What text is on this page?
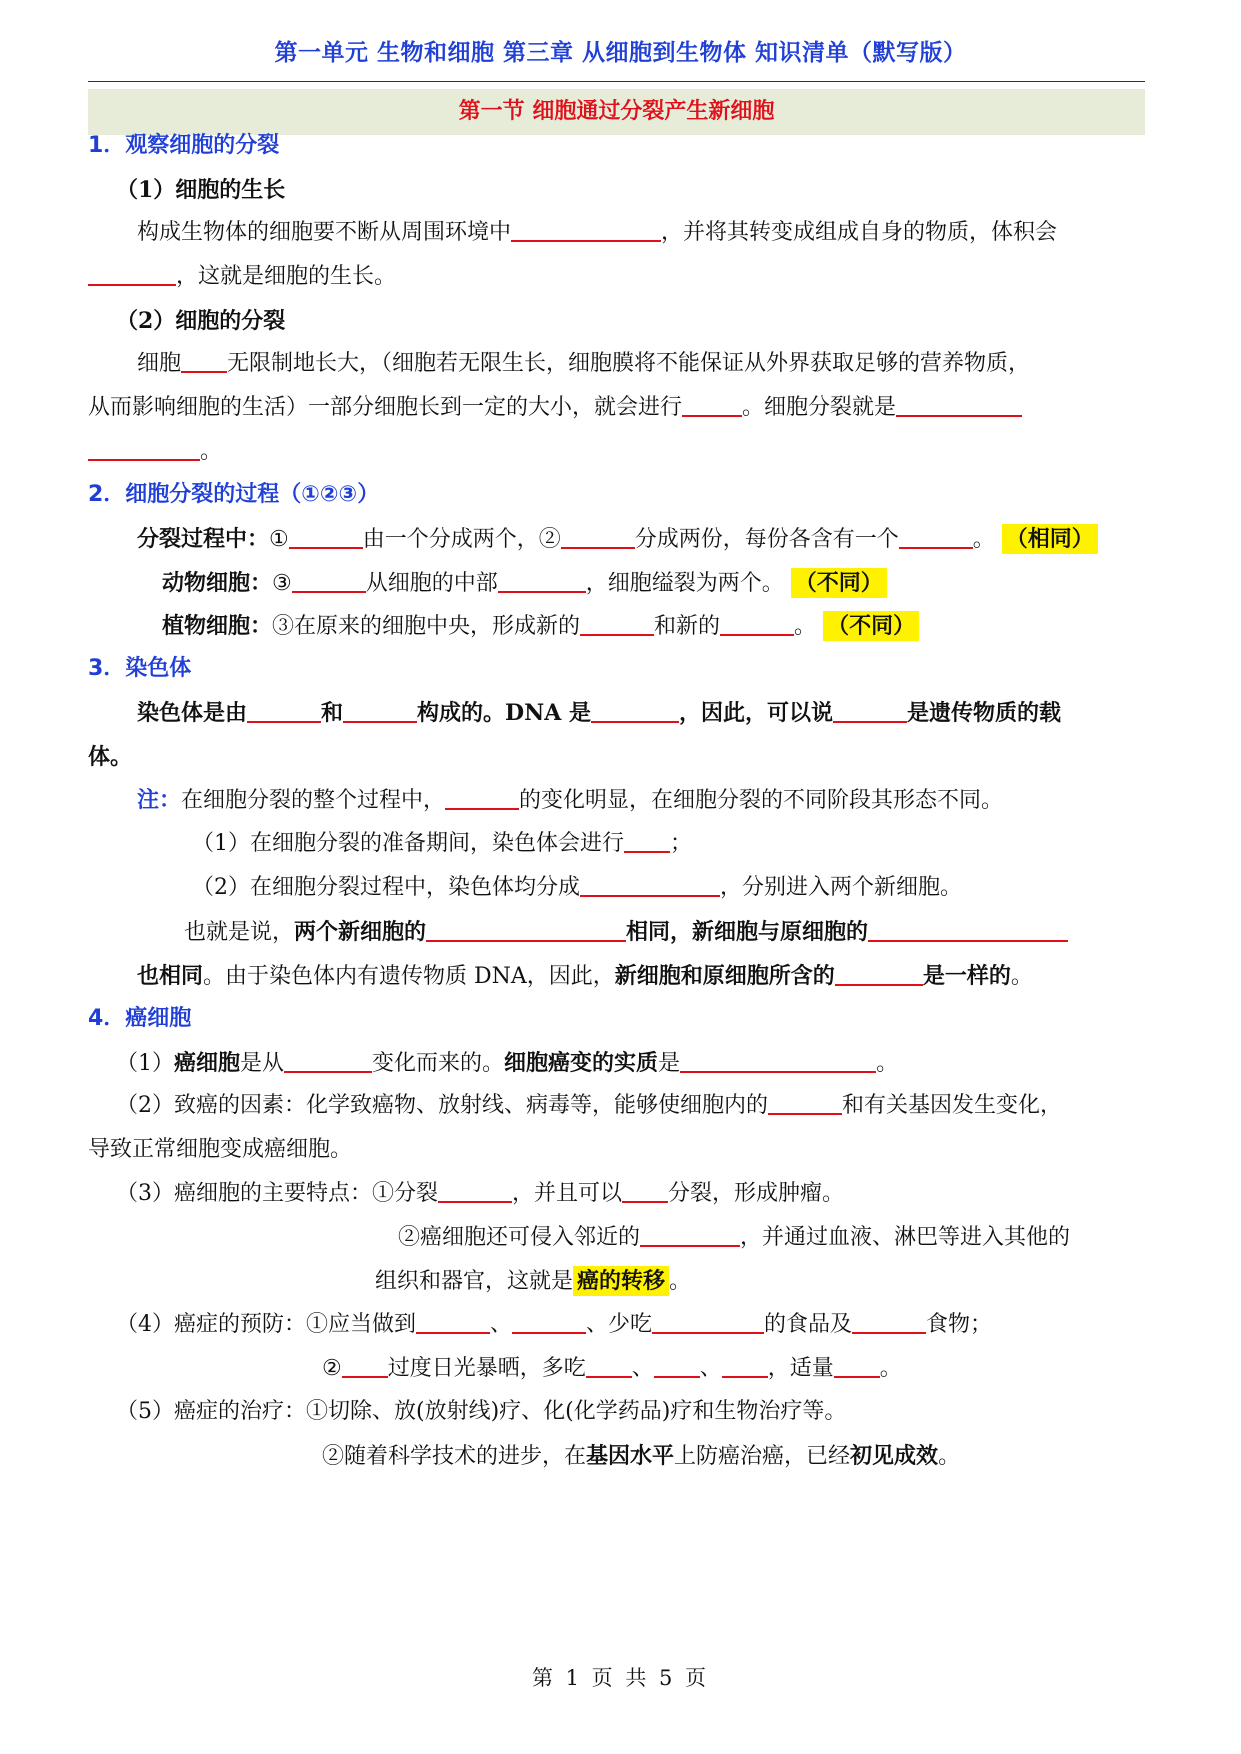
第一单元 生物和细胞 第三章 从细胞到生物体 知识清单（默写版）
第一节 细胞通过分裂产生新细胞
1．观察细胞的分裂
（1）细胞的生长
构成生物体的细胞要不断从周围环境中	，并将其转变成组成自身的物质，体积会
，这就是细胞的生长。
（2）细胞的分裂
细胞 无限制地长大，（细胞若无限生长，细胞膜将不能保证从外界获取足够的营养物质，
从而影响细胞的生活）一部分细胞长到一定的大小，就会进行	。细胞分裂就是
。
2．细胞分裂的过程（①②③）
分裂过程中：①	由一个分成两个，②	分成两份，每份各含有一个	。 （相同）
动物细胞：③	从细胞的中部	，细胞缢裂为两个。 （不同）
植物细胞：③在原来的细胞中央，形成新的	和新的	。 （不同）
3．染色体
染色体是由	和	构成的。DNA 是	，因此，可以说	是遗传物质的载
体。
注：在细胞分裂的整个过程中，	的变化明显，在细胞分裂的不同阶段其形态不同。
（1）在细胞分裂的准备期间，染色体会进行 ；
（2）在细胞分裂过程中，染色体均分成	，分别进入两个新细胞。
也就是说，两个新细胞的	相同，新细胞与原细胞的
也相同。由于染色体内有遗传物质 DNA，因此，新细胞和原细胞所含的	是一样的。
4．癌细胞
（1）癌细胞是从	变化而来的。细胞癌变的实质是	。
（2）致癌的因素：化学致癌物、放射线、病毒等，能够使细胞内的	和有关基因发生变化，
导致正常细胞变成癌细胞。
（3）癌细胞的主要特点：①分裂	，并且可以 分裂，形成肿瘤。
②癌细胞还可侵入邻近的	，并通过血液、淋巴等进入其他的
组织和器官，这就是 癌的转移 。
（4）癌症的预防：①应当做到	、	、少吃	的食品及	食物；
② 过度日光暴晒，多吃 、 、 ，适量 。
（5）癌症的治疗：①切除、放(放射线)疗、化(化学药品)疗和生物治疗等。
②随着科学技术的进步，在基因水平上防癌治癌，已经初见成效。
第 1 页 共 5 页
